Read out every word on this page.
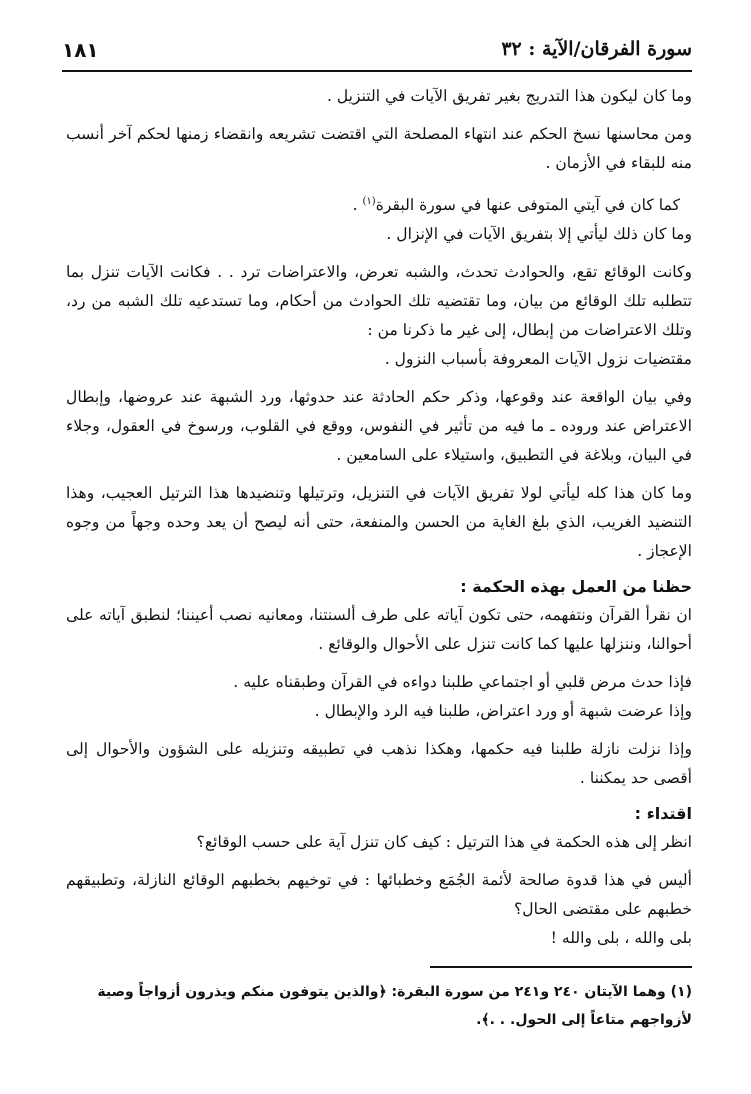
سورة الفرقان/الآية : ٣٢
١٨١

وما كان ليكون هذا التدريج بغير تفريق الآيات في التنزيل .

ومن محاسنها نسخ الحكم عند انتهاء المصلحة التي اقتضت تشريعه وانقضاء زمنها لحكم آخر أنسب منه للبقاء في الأزمان .

كما كان في آيتي المتوفى عنها في سورة البقرة$^{(١)}$ .

وما كان ذلك ليأتي إلا بتفريق الآيات في الإنزال .

وكانت الوقائع تقع، والحوادث تحدث، والشبه تعرض، والاعتراضات ترد . . فكانت الآيات تنزل بما تتطلبه تلك الوقائع من بيان، وما تقتضيه تلك الحوادث من أحكام، وما تستدعيه تلك الشبه من رد، وتلك الاعتراضات من إبطال، إلى غير ما ذكرنا من :

مقتضيات نزول الآيات المعروفة بأسباب النزول .

وفي بيان الواقعة عند وقوعها، وذكر حكم الحادثة عند حدوثها، ورد الشبهة عند عروضها، وإبطال الاعتراض عند وروده ـ ما فيه من تأثير في النفوس، ووقع في القلوب، ورسوخ في العقول، وجلاء في البيان، وبلاغة في التطبيق، واستيلاء على السامعين .

وما كان هذا كله ليأتي لولا تفريق الآيات في التنزيل، وترتيلها وتنضيدها هذا الترتيل العجيب، وهذا التنضيد الغريب، الذي بلغ الغاية من الحسن والمنفعة، حتى أنه ليصح أن يعد وحده وجهاً من وجوه الإعجاز .

حظنا من العمل بهذه الحكمة :

ان نقرأ القرآن ونتفهمه، حتى تكون آياته على طرف ألسنتنا، ومعانيه نصب أعيننا؛ لنطبق آياته على أحوالنا، وننزلها عليها كما كانت تنزل على الأحوال والوقائع .

فإذا حدث مرض قلبي أو اجتماعي طلبنا دواءه في القرآن وطبقناه عليه .

وإذا عرضت شبهة أو ورد اعتراض، طلبنا فيه الرد والإبطال .

وإذا نزلت نازلة طلبنا فيه حكمها، وهكذا نذهب في تطبيقه وتنزيله على الشؤون والأحوال إلى أقصى حد يمكننا .

اقتداء :

انظر إلى هذه الحكمة في هذا الترتيل : كيف كان تنزل آية على حسب الوقائع؟

أليس في هذا قدوة صالحة لأئمة الجُمَع وخطبائها : في توخيهم بخطبهم الوقائع النازلة، وتطبيقهم خطبهم على مقتضى الحال؟

بلى والله ، بلى والله !

(١) وهما الآيتان ٢٤٠ و٢٤١ من سورة البقرة: ﴿والذين يتوفون منكم ويذرون أزواجاً وصية لأزواجهم متاعاً إلى الحول. . .﴾.
